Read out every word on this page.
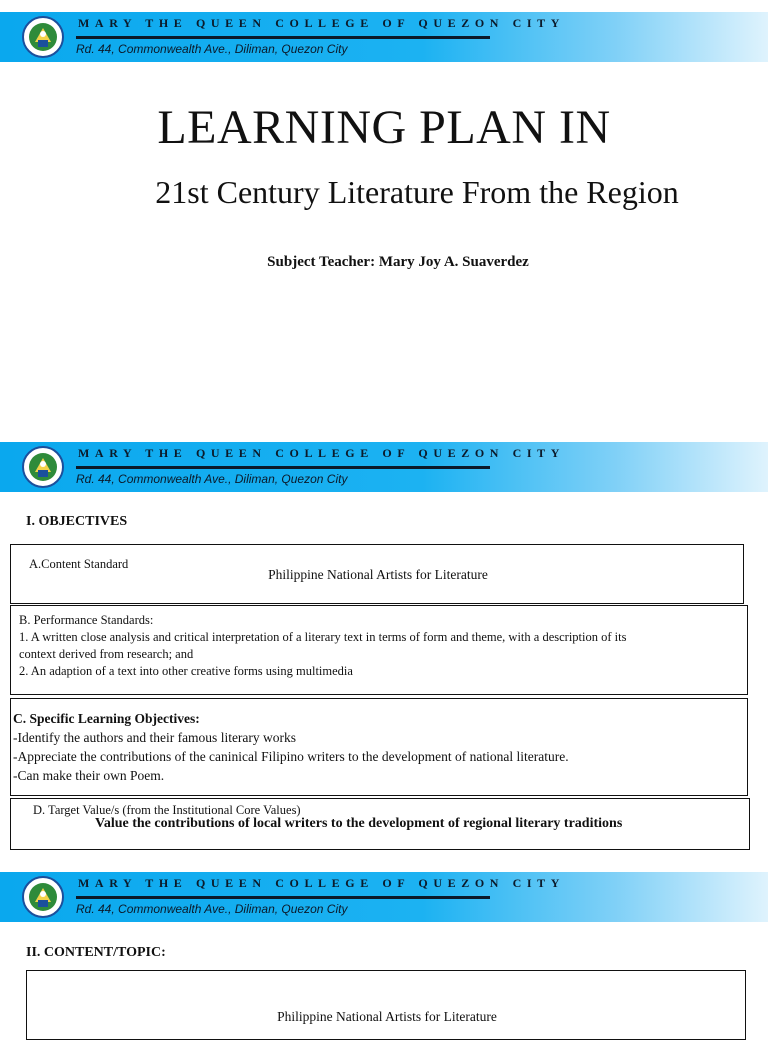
MARY THE QUEEN COLLEGE OF QUEZON CITY
Rd. 44, Commonwealth Ave., Diliman, Quezon City
LEARNING PLAN IN
21st Century Literature From the Region
Subject Teacher: Mary Joy A. Suaverdez
MARY THE QUEEN COLLEGE OF QUEZON CITY
Rd. 44, Commonwealth Ave., Diliman, Quezon City
I. OBJECTIVES
A.Content Standard
Philippine National Artists for Literature
B. Performance Standards:
1. A written close analysis and critical interpretation of a literary text in terms of form and theme, with a description of its
context derived from research; and
2. An adaption of a text into other creative forms using multimedia
C. Specific Learning Objectives:
-Identify the authors and their famous literary works
-Appreciate the contributions of the caninical Filipino writers to the development of national literature.
-Can make their own Poem.
D. Target Value/s (from the Institutional Core Values)
Value the contributions of local writers to the development of regional literary traditions
MARY THE QUEEN COLLEGE OF QUEZON CITY
Rd. 44, Commonwealth Ave., Diliman, Quezon City
II. CONTENT/TOPIC:
Philippine National Artists for Literature
